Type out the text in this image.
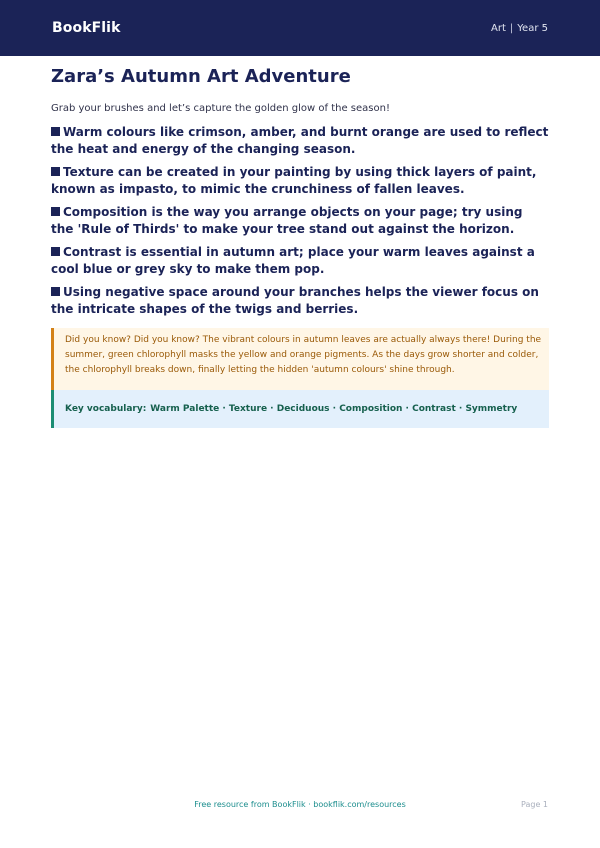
BookFlik	Art | Year 5
Zara’s Autumn Art Adventure

Grab your brushes and let’s capture the golden glow of the season!

Warm colours like crimson, amber, and burnt orange are used to reflect the heat and energy of the changing season.
Texture can be created in your painting by using thick layers of paint, known as impasto, to mimic the crunchiness of fallen leaves.
Composition is the way you arrange objects on your page; try using the 'Rule of Thirds' to make your tree stand out against the horizon.
Contrast is essential in autumn art; place your warm leaves against a cool blue or grey sky to make them pop.
Using negative space around your branches helps the viewer focus on the intricate shapes of the twigs and berries.
Did you know? Did you know? The vibrant colours in autumn leaves are actually always there! During the summer, green chlorophyll masks the yellow and orange pigments. As the days grow shorter and colder, the chlorophyll breaks down, finally letting the hidden 'autumn colours' shine through.
Key vocabulary: Warm Palette · Texture · Deciduous · Composition · Contrast · Symmetry
Free resource from BookFlik · bookflik.com/resources	Page 1
